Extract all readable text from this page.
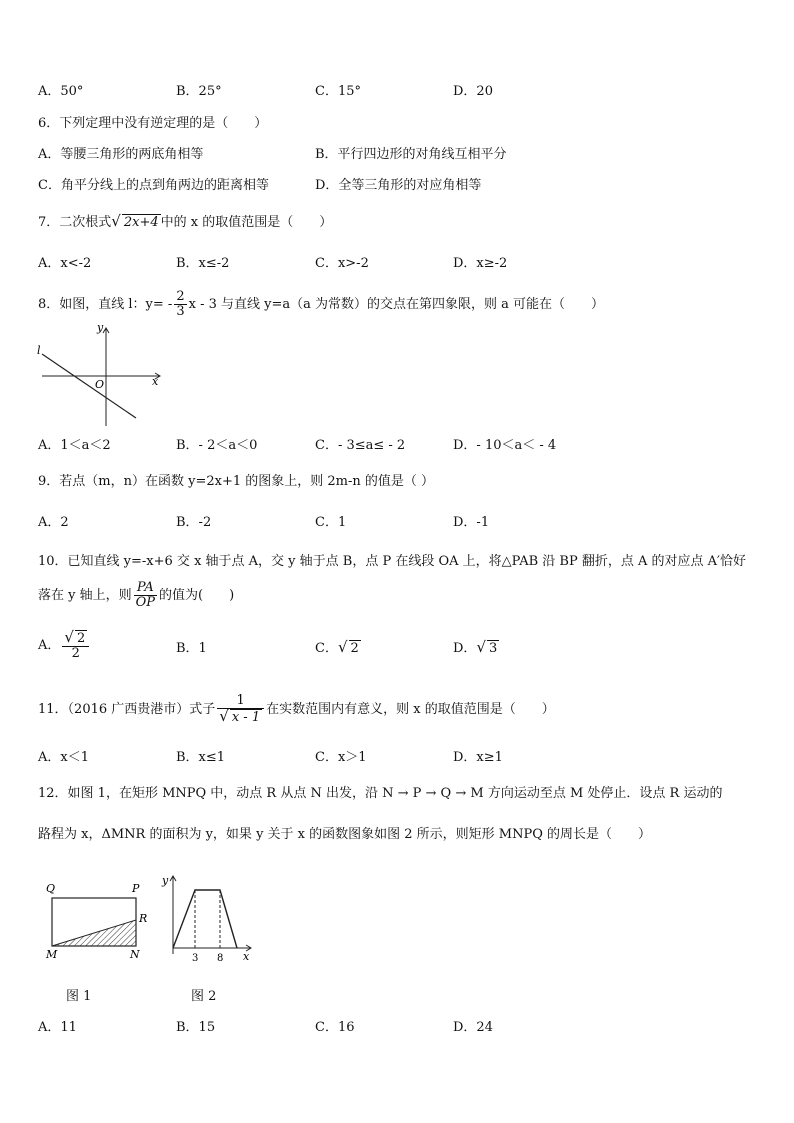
A．50°	B．25°	C．15°	D．20
6．下列定理中没有逆定理的是（　　）
A．等腰三角形的两底角相等	B．平行四边形的对角线互相平分
C．角平分线上的点到角两边的距离相等	D．全等三角形的对应角相等
7．二次根式√ 2x+4 中的 x 的取值范围是（　　）
A．x<-2	B．x≤-2	C．x>-2	D．x≥-2
8．如图，直线 l：$y= - \frac{2}{3}$ x - 3 与直线 y=a（a 为常数）的交点在第四象限，则 a 可能在（　　）
l
x
y
O
A．1＜a＜2	B．- 2＜a＜0	C．- 3≤a≤ - 2	D．- 10＜a＜ - 4
9．若点（m，n）在函数 y=2x+1 的图象上，则 2m-n 的值是（ ）
A．2	B．-2	C．1	D．-1
10．已知直线 y=-x+6 交 x 轴于点 A，交 y 轴于点 B，点 P 在线段 OA 上，将△PAB 沿 BP 翻折，点 A 的对应点 A′恰好
落在 y 轴上，则 $\frac{PA}{OP}$ 的值为(　　)
A． $\frac{√ 2}{2}$	B．1	C．√ 2	D．√ 3
11．（2016 广西贵港市）式子 $\frac{1}{√ x - 1}$ 在实数范围内有意义，则 x 的取值范围是（　　）
A．x＜1	B．x≤1	C．x＞1	D．x≥1
12．如图 1，在矩形 MNPQ 中，动点 R 从点 N 出发，沿 N → P → Q → M 方向运动至点 M 处停止．设点 R 运动的
路程为 x，ΔMNR 的面积为 y，如果 y 关于 x 的函数图象如图 2 所示，则矩形 MNPQ 的周长是（　　）
Q	P
R
M	N
图 1
y
x
3 8
图 2
A．11	B．15	C．16	D．24
